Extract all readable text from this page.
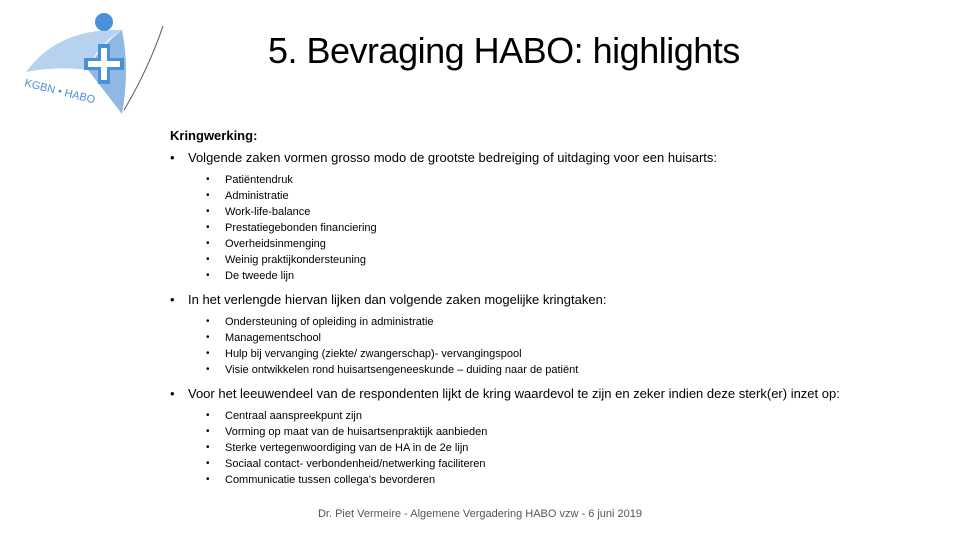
KGBN • HABO
5. Bevraging HABO: highlights
Kringwerking:
• Volgende zaken vormen grosso modo de grootste bedreiging of uitdaging voor een huisarts:
• Patiëntendruk
• Administratie
• Work-life-balance
• Prestatiegebonden financiering
• Overheidsinmenging
• Weinig praktijkondersteuning
• De tweede lijn
• In het verlengde hiervan lijken dan volgende zaken mogelijke kringtaken:
• Ondersteuning of opleiding in administratie
• Managementschool
• Hulp bij vervanging (ziekte/ zwangerschap)- vervangingspool
• Visie ontwikkelen rond huisartsengeneeskunde – duiding naar de patiënt
• Voor het leeuwendeel van de respondenten lijkt de kring waardevol te zijn en zeker indien deze sterk(er) inzet op:
• Centraal aanspreekpunt zijn
• Vorming op maat van de huisartsenpraktijk aanbieden
• Sterke vertegenwoordiging van de HA in de 2e lijn
• Sociaal contact- verbondenheid/netwerking faciliteren
• Communicatie tussen collega’s bevorderen
Dr. Piet Vermeire - Algemene Vergadering HABO vzw - 6 juni 2019
